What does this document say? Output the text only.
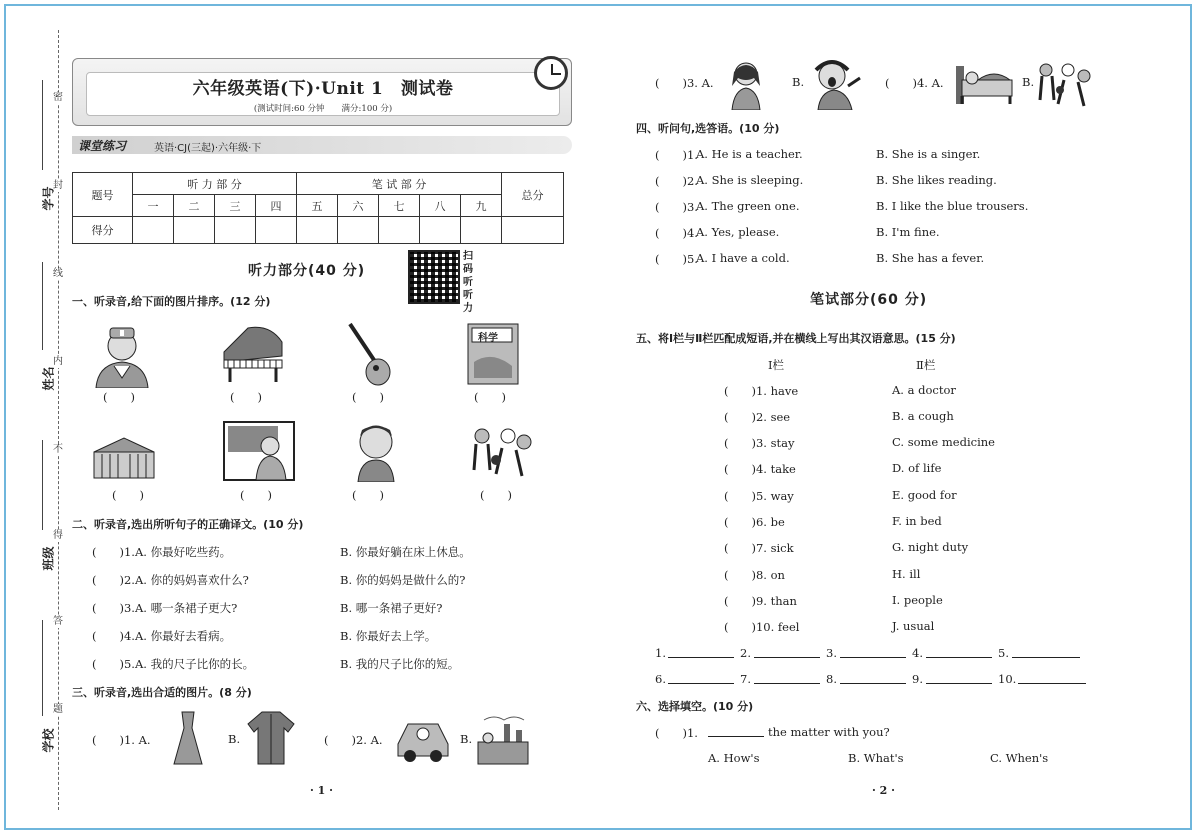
密
封
线
内
不
得
答
题
学号
姓名
班级
学校
六年级英语(下)·Unit 1　测试卷
(测试时间:60 分钟　　满分:100 分)
课堂练习	英语·CJ(三起)·六年级·下
题号	听 力 部 分				笔 试 部 分					总分
	一	二	三	四	五	六	七	八	九	
得分										
听力部分(40 分)
扫码听听力
一、听录音,给下面的图片排序。(12 分)
科学
(　　)	(　　)	(　　)	(　　)
(　　)	(　　)	(　　)	(　　)
二、听录音,选出所听句子的正确译文。(10 分)
(　　)1. A. 你最好吃些药。	B. 你最好躺在床上休息。
(　　)2. A. 你的妈妈喜欢什么?	B. 你的妈妈是做什么的?
(　　)3. A. 哪一条裙子更大?	B. 哪一条裙子更好?
(　　)4. A. 你最好去看病。	B. 你最好去上学。
(　　)5. A. 我的尺子比你的长。	B. 我的尺子比你的短。
三、听录音,选出合适的图片。(8 分)
(　　)1. A.	B.	(　　)2. A.	B.
· 1 ·
(　　)3. A.	B.	(　　)4. A.	B.
四、听问句,选答语。(10 分)
(　　)1.
A. He is a teacher.	B. She is a singer.
(　　)2.
A. She is sleeping.	B. She likes reading.
(　　)3.
A. The green one.	B. I like the blue trousers.
(　　)4.
A. Yes, please.	B. I'm fine.
(　　)5.
A. I have a cold.	B. She has a fever.
笔试部分(60 分)
五、将Ⅰ栏与Ⅱ栏匹配成短语,并在横线上写出其汉语意思。(15 分)
Ⅰ栏	Ⅱ栏
(　　)1. have	A. a doctor
(　　)2. see	B. a cough
(　　)3. stay	C. some medicine
(　　)4. take	D. of life
(　　)5. way	E. good for
(　　)6. be	F. in bed
(　　)7. sick	G. night duty
(　　)8. on	H. ill
(　　)9. than	I. people
(　　)10. feel	J. usual
1.	2.	3.	4.	5.
6.	7.	8.	9.	10.
六、选择填空。(10 分)
(　　)1.	the matter with you?
A. How's	B. What's	C. When's
· 2 ·
